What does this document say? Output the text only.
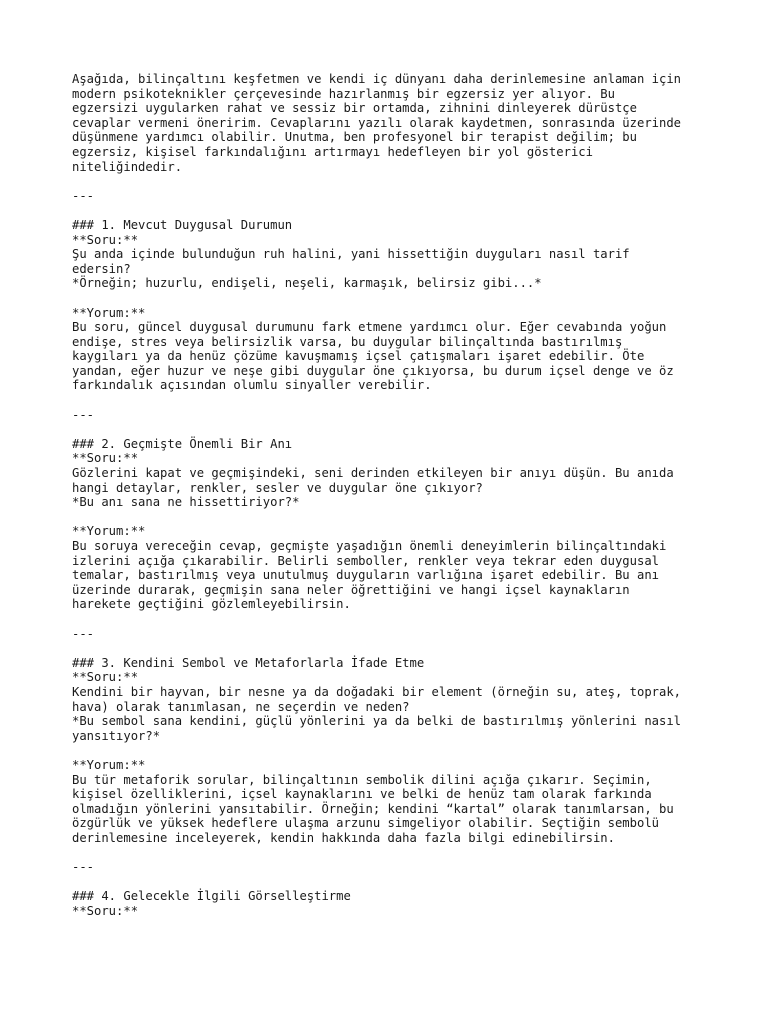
Aşağıda, bilinçaltını keşfetmen ve kendi iç dünyanı daha derinlemesine anlaman için
modern psikoteknikler çerçevesinde hazırlanmış bir egzersiz yer alıyor. Bu
egzersizi uygularken rahat ve sessiz bir ortamda, zihnini dinleyerek dürüstçe
cevaplar vermeni öneririm. Cevaplarını yazılı olarak kaydetmen, sonrasında üzerinde
düşünmene yardımcı olabilir. Unutma, ben profesyonel bir terapist değilim; bu
egzersiz, kişisel farkındalığını artırmayı hedefleyen bir yol gösterici
niteliğindedir.
---
### 1. Mevcut Duygusal Durumun
**Soru:**
Şu anda içinde bulunduğun ruh halini, yani hissettiğin duyguları nasıl tarif
edersin?
*Örneğin; huzurlu, endişeli, neşeli, karmaşık, belirsiz gibi...*
**Yorum:**
Bu soru, güncel duygusal durumunu fark etmene yardımcı olur. Eğer cevabında yoğun
endişe, stres veya belirsizlik varsa, bu duygular bilinçaltında bastırılmış
kaygıları ya da henüz çözüme kavuşmamış içsel çatışmaları işaret edebilir. Öte
yandan, eğer huzur ve neşe gibi duygular öne çıkıyorsa, bu durum içsel denge ve öz
farkındalık açısından olumlu sinyaller verebilir.
---
### 2. Geçmişte Önemli Bir Anı
**Soru:**
Gözlerini kapat ve geçmişindeki, seni derinden etkileyen bir anıyı düşün. Bu anıda
hangi detaylar, renkler, sesler ve duygular öne çıkıyor?
*Bu anı sana ne hissettiriyor?*
**Yorum:**
Bu soruya vereceğin cevap, geçmişte yaşadığın önemli deneyimlerin bilinçaltındaki
izlerini açığa çıkarabilir. Belirli semboller, renkler veya tekrar eden duygusal
temalar, bastırılmış veya unutulmuş duyguların varlığına işaret edebilir. Bu anı
üzerinde durarak, geçmişin sana neler öğrettiğini ve hangi içsel kaynakların
harekete geçtiğini gözlemleyebilirsin.
---
### 3. Kendini Sembol ve Metaforlarla İfade Etme
**Soru:**
Kendini bir hayvan, bir nesne ya da doğadaki bir element (örneğin su, ateş, toprak,
hava) olarak tanımlasan, ne seçerdin ve neden?
*Bu sembol sana kendini, güçlü yönlerini ya da belki de bastırılmış yönlerini nasıl
yansıtıyor?*
**Yorum:**
Bu tür metaforik sorular, bilinçaltının sembolik dilini açığa çıkarır. Seçimin,
kişisel özelliklerini, içsel kaynaklarını ve belki de henüz tam olarak farkında
olmadığın yönlerini yansıtabilir. Örneğin; kendini “kartal” olarak tanımlarsan, bu
özgürlük ve yüksek hedeflere ulaşma arzunu simgeliyor olabilir. Seçtiğin sembolü
derinlemesine inceleyerek, kendin hakkında daha fazla bilgi edinebilirsin.
---
### 4. Gelecekle İlgili Görselleştirme
**Soru:**
